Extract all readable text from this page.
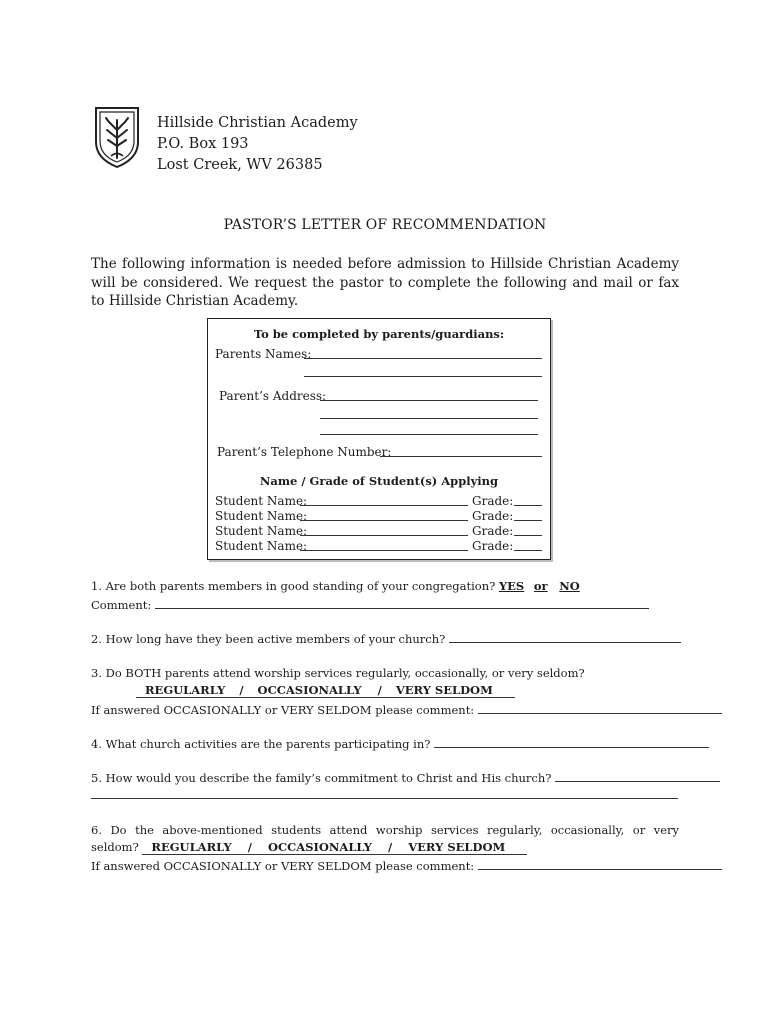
Hillside Christian Academy
P.O. Box 193
Lost Creek, WV 26385
PASTOR’S LETTER OF RECOMMENDATION
The following information is needed before admission to Hillside Christian Academy will be considered. We request the pastor to complete the following and mail or fax to Hillside Christian Academy.
To be completed by parents/guardians:
Parents Names:
Parent’s Address:
Parent’s Telephone Number:
Name / Grade of Student(s) Applying
Student Name:	Grade:
Student Name:	Grade:
Student Name:	Grade:
Student Name:	Grade:
1. Are both parents members in good standing of your congregation? YES or NO
Comment:
2. How long have they been active members of your church?
3. Do BOTH parents attend worship services regularly, occasionally, or very seldom?
REGULARLY / OCCASIONALLY / VERY SELDOM
If answered OCCASIONALLY or VERY SELDOM please comment:
4. What church activities are the parents participating in?
5. How would you describe the family’s commitment to Christ and His church?
6. Do the above-mentioned students attend worship services regularly, occasionally, or very
seldom? REGULARLY / OCCASIONALLY / VERY SELDOM
If answered OCCASIONALLY or VERY SELDOM please comment:
